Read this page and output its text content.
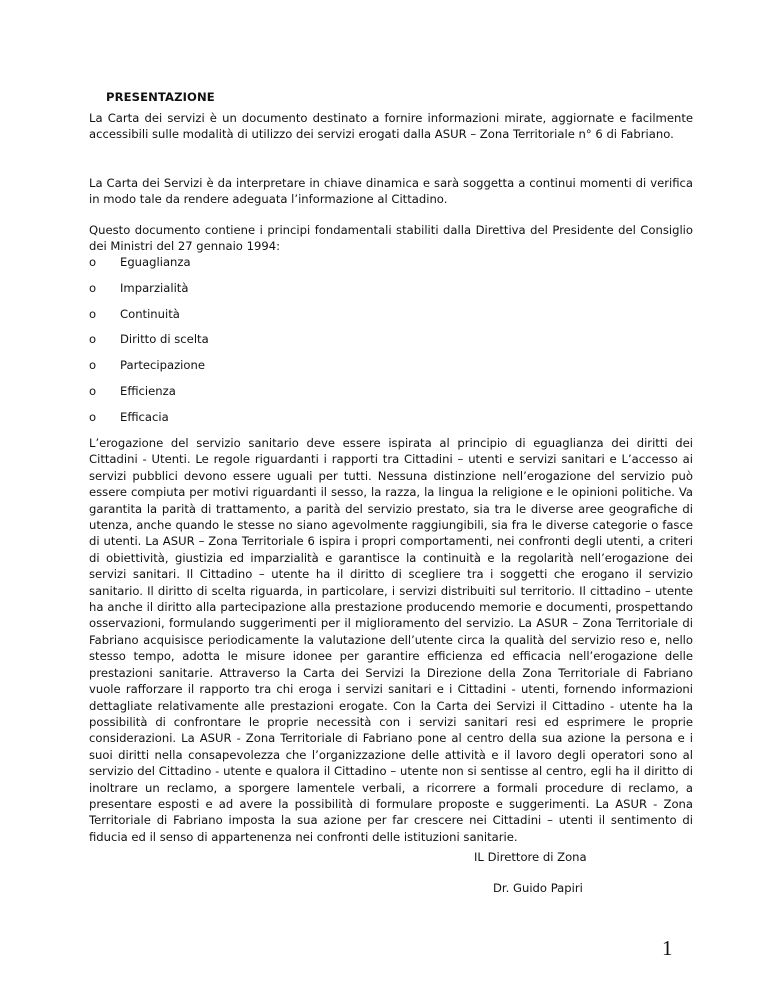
PRESENTAZIONE

La Carta dei servizi è un documento destinato a fornire informazioni mirate, aggiornate e facilmente accessibili sulle modalità di utilizzo dei servizi erogati dalla ASUR – Zona Territoriale n° 6 di Fabriano.

La Carta dei Servizi è da interpretare in chiave dinamica e sarà soggetta a continui momenti di verifica in modo tale da rendere adeguata l’informazione al Cittadino.

Questo documento contiene i principi fondamentali stabiliti dalla Direttiva del Presidente del Consiglio dei Ministri del 27 gennaio 1994:

o Eguaglianza
o Imparzialità
o Continuità
o Diritto di scelta
o Partecipazione
o Efficienza
o Efficacia

L’erogazione del servizio sanitario deve essere ispirata al principio di eguaglianza dei diritti dei Cittadini - Utenti. Le regole riguardanti i rapporti tra Cittadini – utenti e servizi sanitari e L’accesso ai servizi pubblici devono essere uguali per tutti. Nessuna distinzione nell’erogazione del servizio può essere compiuta per motivi riguardanti il sesso, la razza, la lingua la religione e le opinioni politiche. Va garantita la parità di trattamento, a parità del servizio prestato, sia tra le diverse aree geografiche di utenza, anche quando le stesse no siano agevolmente raggiungibili, sia fra le diverse categorie o fasce di utenti. La ASUR – Zona Territoriale 6 ispira i propri comportamenti, nei confronti degli utenti, a criteri di obiettività, giustizia ed imparzialità e garantisce la continuità e la regolarità nell’erogazione dei servizi sanitari. Il Cittadino – utente ha il diritto di scegliere tra i soggetti che erogano il servizio sanitario. Il diritto di scelta riguarda, in particolare, i servizi distribuiti sul territorio. Il cittadino – utente ha anche il diritto alla partecipazione alla prestazione producendo memorie e documenti, prospettando osservazioni, formulando suggerimenti per il miglioramento del servizio. La ASUR – Zona Territoriale di Fabriano acquisisce periodicamente la valutazione dell’utente circa la qualità del servizio reso e, nello stesso tempo, adotta le misure idonee per garantire efficienza ed efficacia nell’erogazione delle prestazioni sanitarie. Attraverso la Carta dei Servizi la Direzione della Zona Territoriale di Fabriano vuole rafforzare il rapporto tra chi eroga i servizi sanitari e i Cittadini - utenti, fornendo informazioni dettagliate relativamente alle prestazioni erogate. Con la Carta dei Servizi il Cittadino - utente ha la possibilità di confrontare le proprie necessità con i servizi sanitari resi ed esprimere le proprie considerazioni. La ASUR - Zona Territoriale di Fabriano pone al centro della sua azione la persona e i suoi diritti nella consapevolezza che l’organizzazione delle attività e il lavoro degli operatori sono al servizio del Cittadino - utente e qualora il Cittadino – utente non si sentisse al centro, egli ha il diritto di inoltrare un reclamo, a sporgere lamentele verbali, a ricorrere a formali procedure di reclamo, a presentare esposti e ad avere la possibilità di formulare proposte e suggerimenti. La ASUR - Zona Territoriale di Fabriano imposta la sua azione per far crescere nei Cittadini – utenti il sentimento di fiducia ed il senso di appartenenza nei confronti delle istituzioni sanitarie.

IL Direttore di Zona
Dr. Guido Papiri
1
